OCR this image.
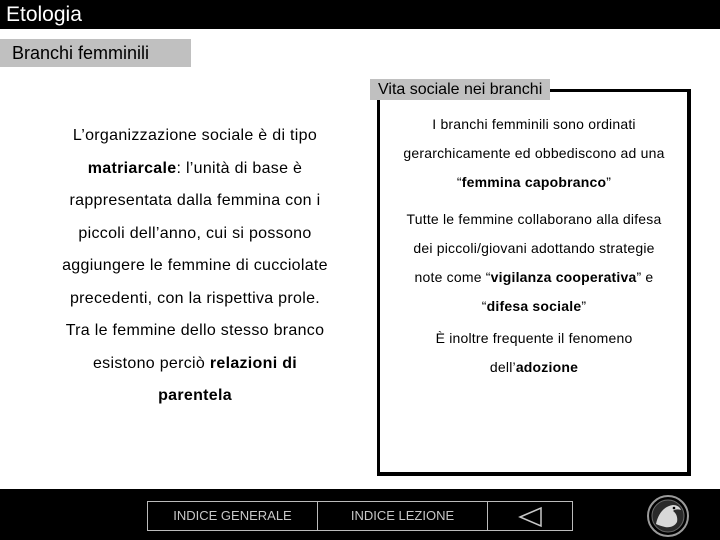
Etologia
Branchi femminili
L’organizzazione sociale è di tipo
matriarcale: l’unità di base è
rappresentata dalla femmina con i
piccoli dell’anno, cui si possono
aggiungere le femmine di cucciolate
precedenti, con la rispettiva prole.
Tra le femmine dello stesso branco
esistono perciò relazioni di
parentela
Vita sociale nei branchi
I branchi femminili sono ordinati
gerarchicamente ed obbediscono ad una
“femmina capobranco”
Tutte le femmine collaborano alla difesa
dei piccoli/giovani adottando strategie
note come “vigilanza cooperativa” e
“difesa sociale”
È inoltre frequente il fenomeno
dell’adozione
INDICE GENERALE	INDICE LEZIONE
